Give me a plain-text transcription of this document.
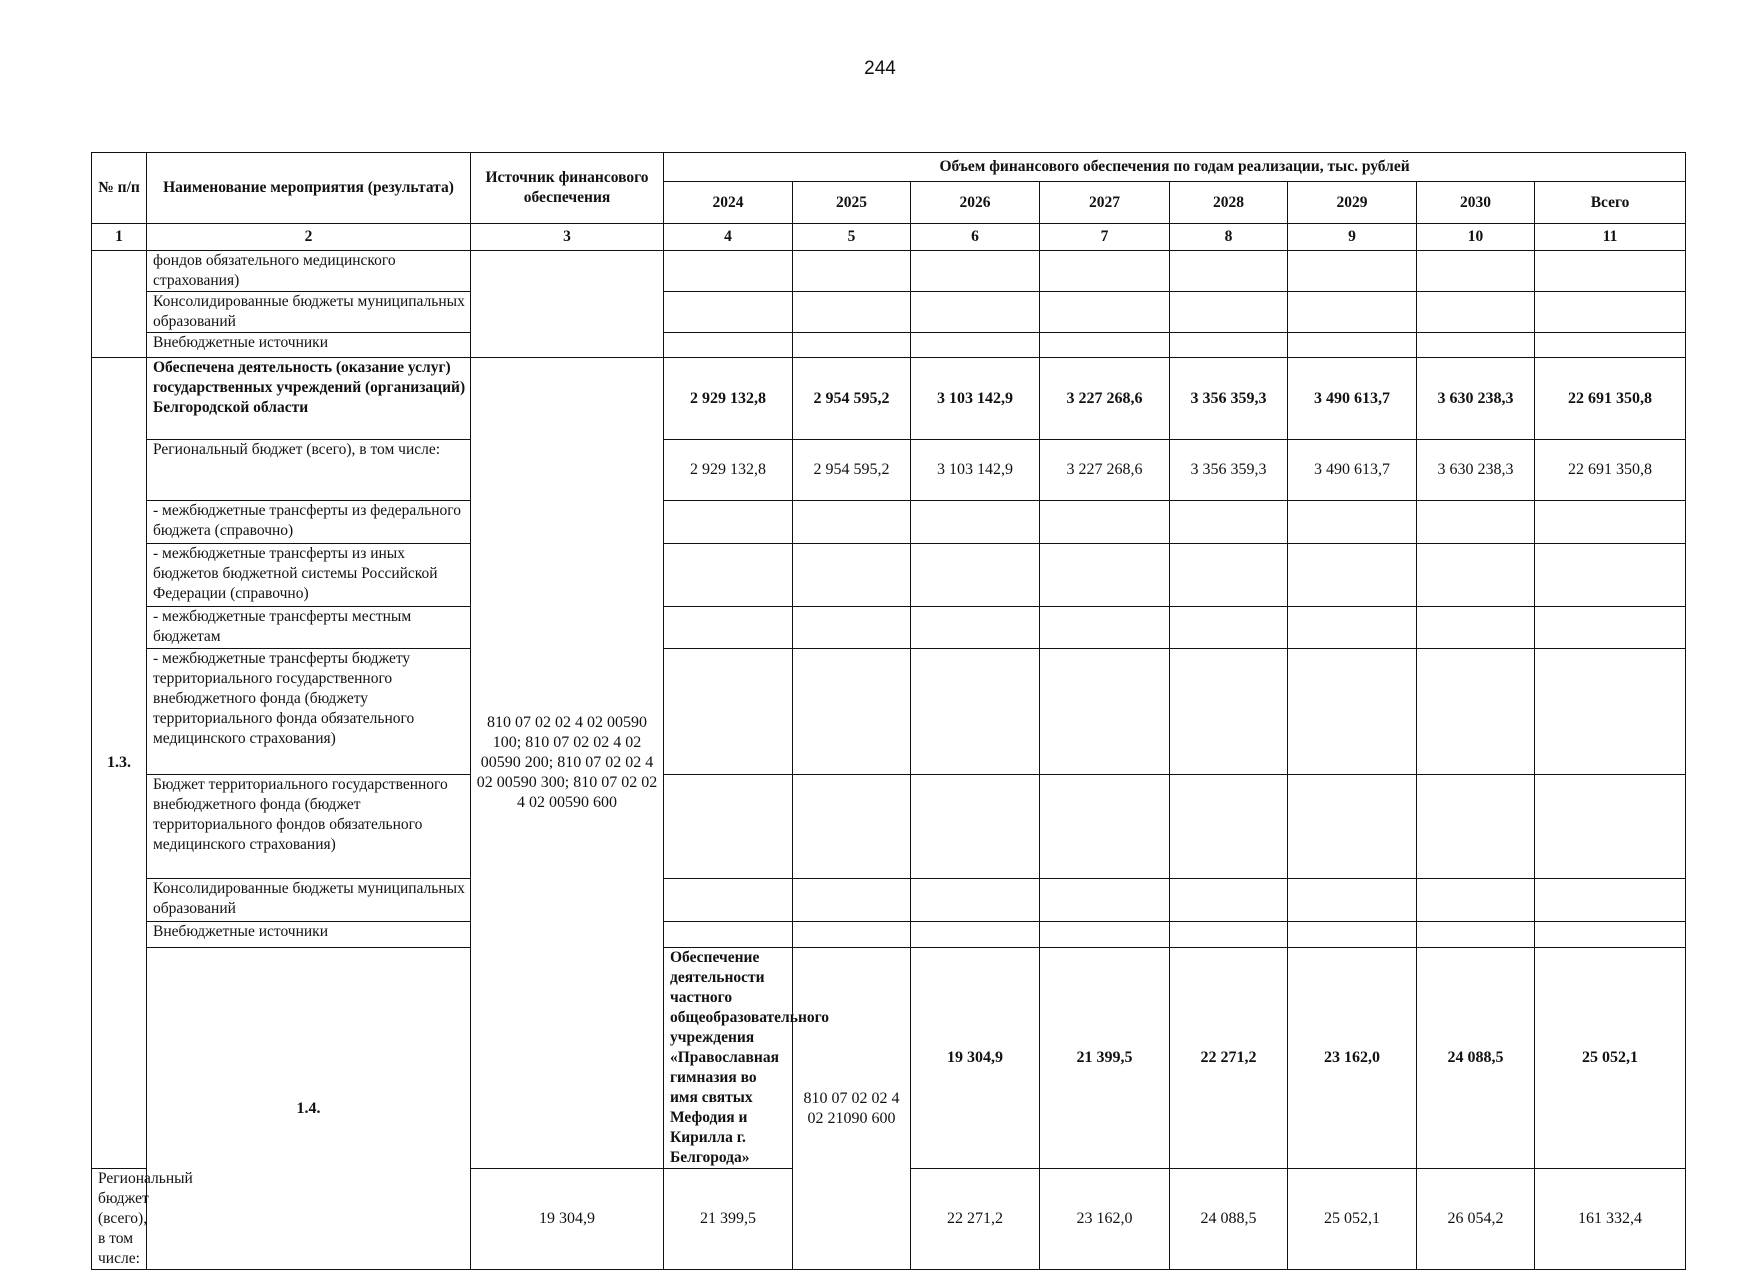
244
№ п/п	Наименование мероприятия (результата)	Источник финансового обеспечения	Объем финансового обеспечения по годам реализации, тыс. рублей								
			2024	2025	2026	2027	2028	2029	2030	Всего	
1	2	3	4	5	6	7	8	9	10	11	
	фондов обязательного медицинского страхования)										
	Консолидированные бюджеты муниципальных образований										
	Внебюджетные источники										
1.3.	Обеспечена деятельность (оказание услуг) государственных учреждений (организаций) Белгородской области	810 07 02 02 4 02 00590 100; 810 07 02 02 4 02 00590 200; 810 07 02 02 4 02 00590 300; 810 07 02 02 4 02 00590 600	2 929 132,8	2 954 595,2	3 103 142,9	3 227 268,6	3 356 359,3	3 490 613,7	3 630 238,3	22 691 350,8	
	Региональный бюджет (всего), в том числе:		2 929 132,8	2 954 595,2	3 103 142,9	3 227 268,6	3 356 359,3	3 490 613,7	3 630 238,3	22 691 350,8	
	- межбюджетные трансферты из федерального бюджета (справочно)										
	- межбюджетные трансферты из иных бюджетов бюджетной системы Российской Федерации (справочно)										
	- межбюджетные трансферты местным бюджетам										
	- межбюджетные трансферты бюджету территориального государственного внебюджетного фонда (бюджету территориального фонда обязательного медицинского страхования)										
	Бюджет территориального государственного внебюджетного фонда (бюджет территориального фондов обязательного медицинского страхования)										
	Консолидированные бюджеты муниципальных образований										
	Внебюджетные источники										
	1.4.		Обеспечение деятельности частного общеобразовательного учреждения «Православная гимназия во имя святых Мефодия и Кирилла г. Белгорода»	810 07 02 02 4 02 21090 600	19 304,9	21 399,5	22 271,2	23 162,0	24 088,5	25 052,1		
Региональный бюджет (всего), в том числе:		19 304,9	21 399,5		22 271,2	23 162,0	24 088,5	25 052,1	26 054,2	161 332,4	
